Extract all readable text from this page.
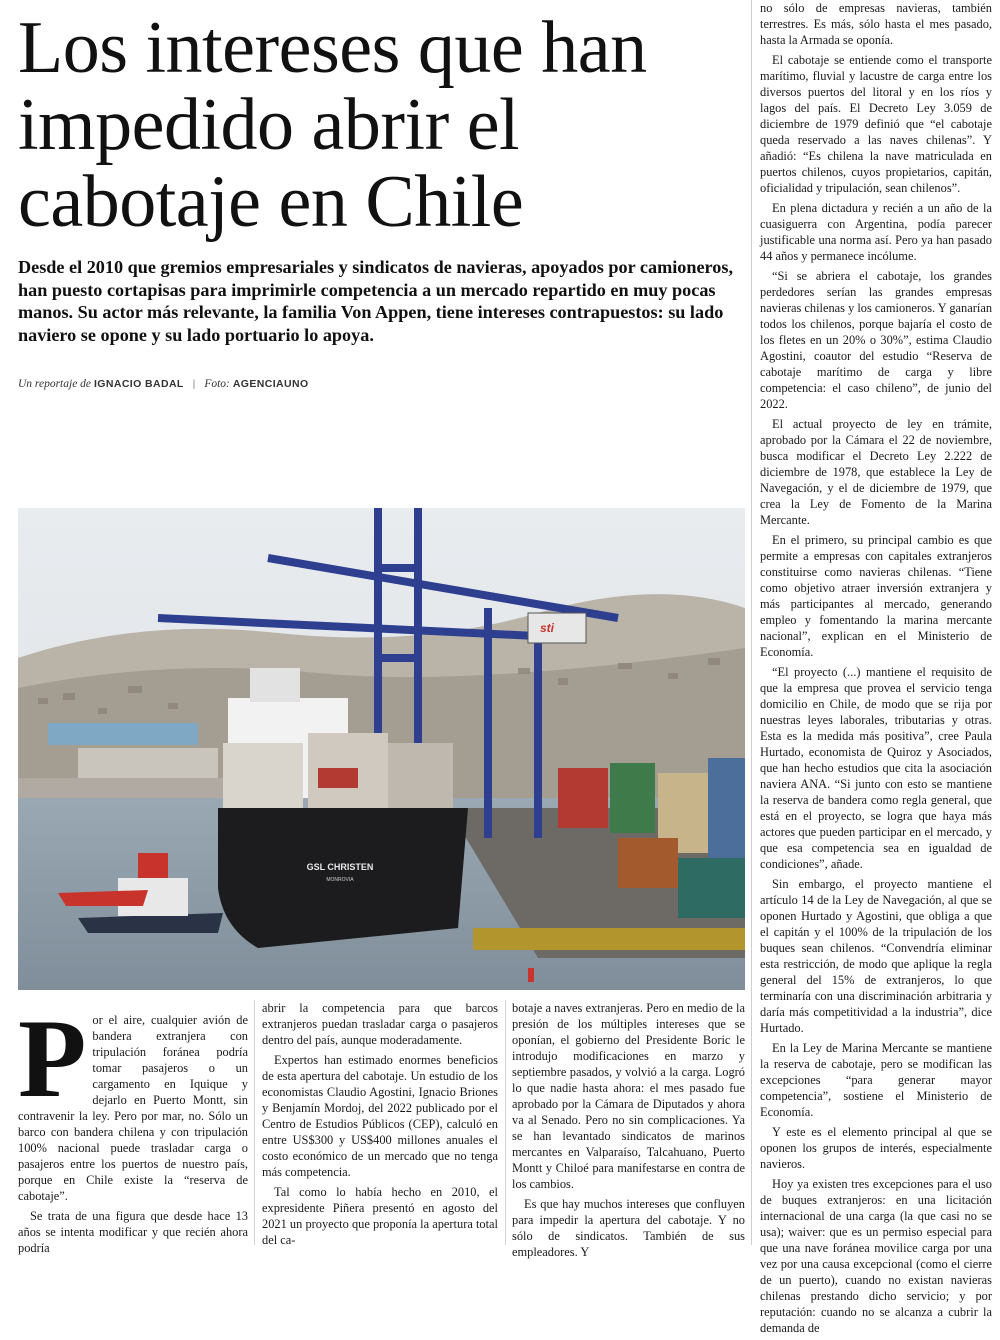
Los intereses que han impedido abrir el cabotaje en Chile

Desde el 2010 que gremios empresariales y sindicatos de navieras, apoyados por camioneros, han puesto cortapisas para imprimirle competencia a un mercado repartido en muy pocas manos. Su actor más relevante, la familia Von Appen, tiene intereses contrapuestos: su lado naviero se opone y su lado portuario lo apoya.

Un reportaje de IGNACIO BADAL | Foto: AGENCIAUNO
sti
GSL CHRISTEN
MONROVIA
P or el aire, cualquier avión de bandera extranjera con tripulación foránea podría tomar pasajeros o un cargamento en Iquique y dejarlo en Puerto Montt, sin contravenir la ley. Pero por mar, no. Sólo un barco con bandera chilena y con tripulación 100% nacional puede trasladar carga o pasajeros entre los puertos de nuestro país, porque en Chile existe la “reserva de cabotaje”.

Se trata de una figura que desde hace 13 años se intenta modificar y que recién ahora podría

abrir la competencia para que barcos extranjeros puedan trasladar carga o pasajeros dentro del país, aunque moderadamente.

Expertos han estimado enormes beneficios de esta apertura del cabotaje. Un estudio de los economistas Claudio Agostini, Ignacio Briones y Benjamín Mordoj, del 2022 publicado por el Centro de Estudios Públicos (CEP), calculó en entre US$300 y US$400 millones anuales el costo económico de un mercado que no tenga más competencia.

Tal como lo había hecho en 2010, el expresidente Piñera presentó en agosto del 2021 un proyecto que proponía la apertura total del ca-

botaje a naves extranjeras. Pero en medio de la presión de los múltiples intereses que se oponían, el gobierno del Presidente Boric le introdujo modificaciones en marzo y septiembre pasados, y volvió a la carga. Logró lo que nadie hasta ahora: el mes pasado fue aprobado por la Cámara de Diputados y ahora va al Senado. Pero no sin complicaciones. Ya se han levantado sindicatos de marinos mercantes en Valparaíso, Talcahuano, Puerto Montt y Chiloé para manifestarse en contra de los cambios.

Es que hay muchos intereses que confluyen para impedir la apertura del cabotaje. Y no sólo de sindicatos. También de sus empleadores. Y

no sólo de empresas navieras, también terrestres. Es más, sólo hasta el mes pasado, hasta la Armada se oponía.

El cabotaje se entiende como el transporte marítimo, fluvial y lacustre de carga entre los diversos puertos del litoral y en los ríos y lagos del país. El Decreto Ley 3.059 de diciembre de 1979 definió que “el cabotaje queda reservado a las naves chilenas”. Y añadió: “Es chilena la nave matriculada en puertos chilenos, cuyos propietarios, capitán, oficialidad y tripulación, sean chilenos”.

En plena dictadura y recién a un año de la cuasiguerra con Argentina, podía parecer justificable una norma así. Pero ya han pasado 44 años y permanece incólume.

“Si se abriera el cabotaje, los grandes perdedores serían las grandes empresas navieras chilenas y los camioneros. Y ganarían todos los chilenos, porque bajaría el costo de los fletes en un 20% o 30%”, estima Claudio Agostini, coautor del estudio “Reserva de cabotaje marítimo de carga y libre competencia: el caso chileno”, de junio del 2022.

El actual proyecto de ley en trámite, aprobado por la Cámara el 22 de noviembre, busca modificar el Decreto Ley 2.222 de diciembre de 1978, que establece la Ley de Navegación, y el de diciembre de 1979, que crea la Ley de Fomento de la Marina Mercante.

En el primero, su principal cambio es que permite a empresas con capitales extranjeros constituirse como navieras chilenas. “Tiene como objetivo atraer inversión extranjera y más participantes al mercado, generando empleo y fomentando la marina mercante nacional”, explican en el Ministerio de Economía.

“El proyecto (...) mantiene el requisito de que la empresa que provea el servicio tenga domicilio en Chile, de modo que se rija por nuestras leyes laborales, tributarias y otras. Esta es la medida más positiva”, cree Paula Hurtado, economista de Quiroz y Asociados, que han hecho estudios que cita la asociación naviera ANA. “Si junto con esto se mantiene la reserva de bandera como regla general, que está en el proyecto, se logra que haya más actores que pueden participar en el mercado, y que esa competencia sea en igualdad de condiciones”, añade.

Sin embargo, el proyecto mantiene el artículo 14 de la Ley de Navegación, al que se oponen Hurtado y Agostini, que obliga a que el capitán y el 100% de la tripulación de los buques sean chilenos. “Convendría eliminar esta restricción, de modo que aplique la regla general del 15% de extranjeros, lo que terminaría con una discriminación arbitraria y daría más competitividad a la industria”, dice Hurtado.

En la Ley de Marina Mercante se mantiene la reserva de cabotaje, pero se modifican las excepciones “para generar mayor competencia”, sostiene el Ministerio de Economía.

Y este es el elemento principal al que se oponen los grupos de interés, especialmente navieros.

Hoy ya existen tres excepciones para el uso de buques extranjeros: en una licitación internacional de una carga (la que casi no se usa); waiver: que es un permiso especial para que una nave foránea movilice carga por una vez por una causa excepcional (como el cierre de un puerto), cuando no existan navieras chilenas prestando dicho servicio; y por reputación: cuando no se alcanza a cubrir la demanda de
